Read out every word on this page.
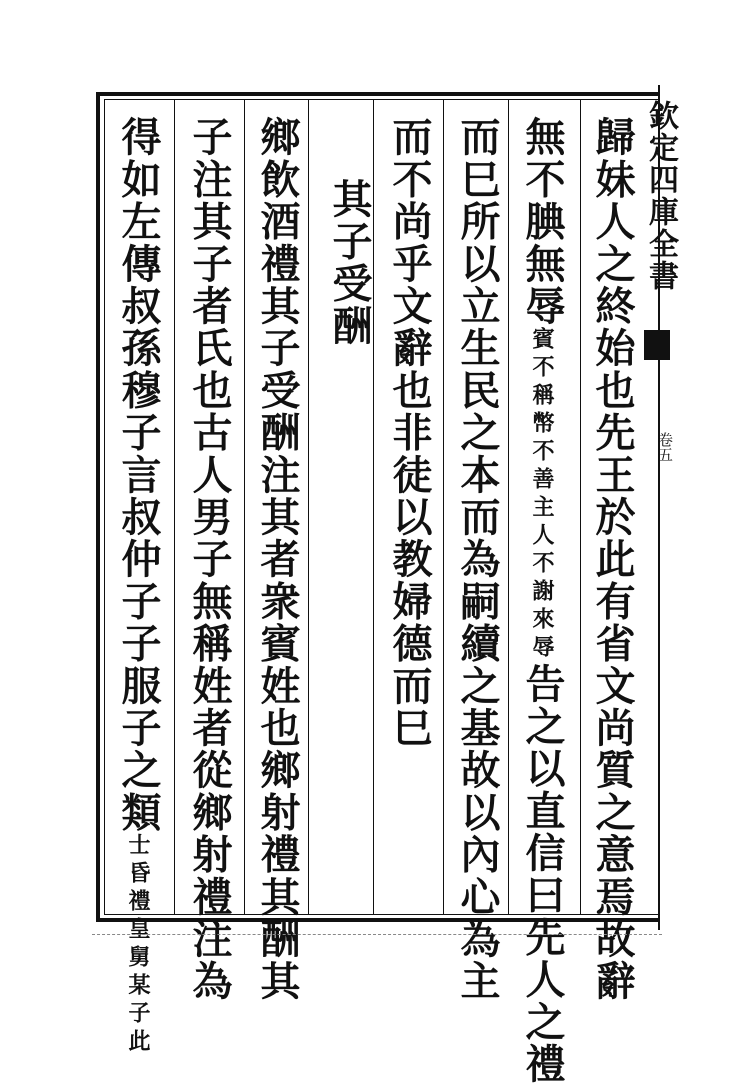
欽定四庫全書
卷五
歸妹人之終始也先王於此有省文尚質之意焉故辭
無不腆無辱賓不稱幣不善主人不謝來辱告之以直信曰先人之禮
而巳所以立生民之本而為嗣續之基故以內心為主
而不尚乎文辭也非徒以教婦德而巳
其子受酬
鄉飲酒禮其子受酬注其者衆賓姓也鄉射禮其酬其
子注其子者氏也古人男子無稱姓者從鄉射禮注為
得如左傳叔孫穆子言叔仲子子服子之類士昏禮皇舅某子此
